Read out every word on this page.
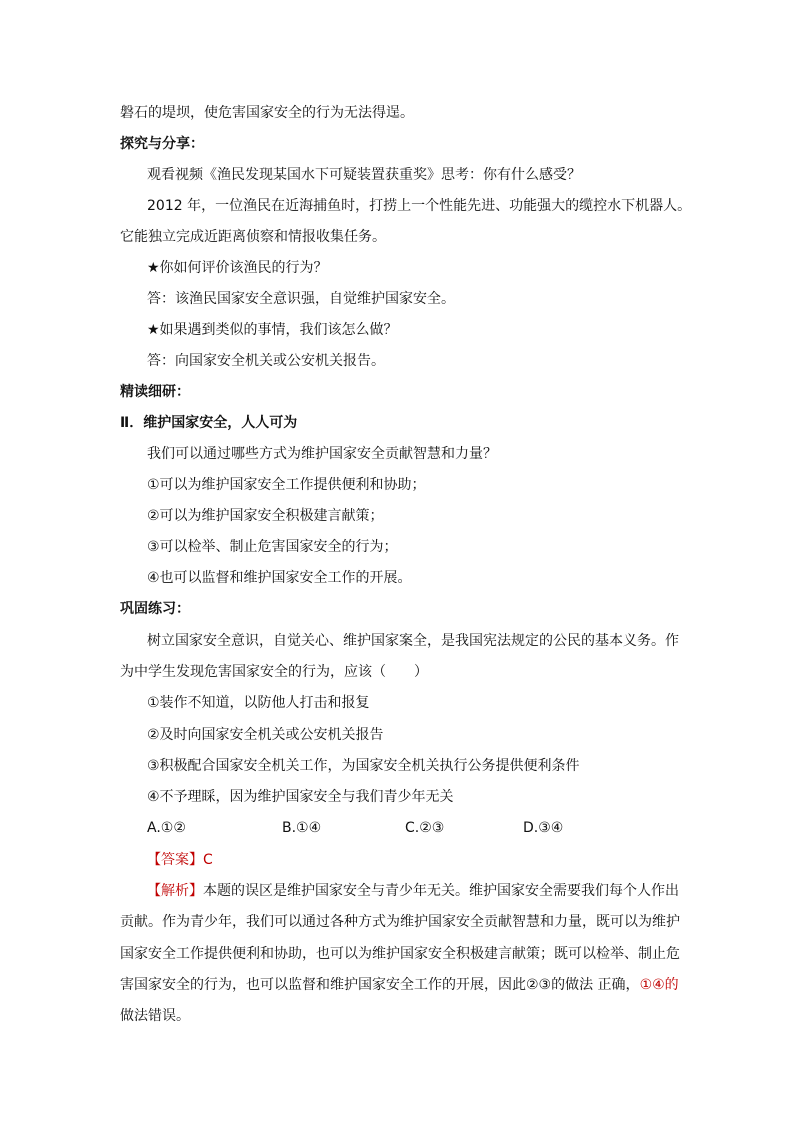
磐石的堤坝，使危害国家安全的行为无法得逞。
探究与分享：
观看视频《渔民发现某国水下可疑装置获重奖》思考：你有什么感受？
2012 年，一位渔民在近海捕鱼时，打捞上一个性能先进、功能强大的缆控水下机器人。
它能独立完成近距离侦察和情报收集任务。
★你如何评价该渔民的行为？
答：该渔民国家安全意识强，自觉维护国家安全。
★如果遇到类似的事情，我们该怎么做？
答：向国家安全机关或公安机关报告。
精读细研：
Ⅱ．维护国家安全，人人可为
我们可以通过哪些方式为维护国家安全贡献智慧和力量？
①可以为维护国家安全工作提供便利和协助；
②可以为维护国家安全积极建言献策；
③可以检举、制止危害国家安全的行为；
④也可以监督和维护国家安全工作的开展。
巩固练习：
树立国家安全意识，自觉关心、维护国家案全，是我国宪法规定的公民的基本义务。作
为中学生发现危害国家安全的行为，应该（　　）
①装作不知道，以防他人打击和报复
②及时向国家安全机关或公安机关报告
③积极配合国家安全机关工作，为国家安全机关执行公务提供便利条件
④不予理睬，因为维护国家安全与我们青少年无关
A.①②	B.①④	C.②③	D.③④
【答案】C
【解析】本题的误区是维护国家安全与青少年无关。维护国家安全需要我们每个人作出
贡献。作为青少年，我们可以通过各种方式为维护国家安全贡献智慧和力量，既可以为维护
国家安全工作提供便利和协助，也可以为维护国家安全积极建言献策；既可以检举、制止危
害国家安全的行为，也可以监督和维护国家安全工作的开展，因此②③的做法 正确，①④的
做法错误。
